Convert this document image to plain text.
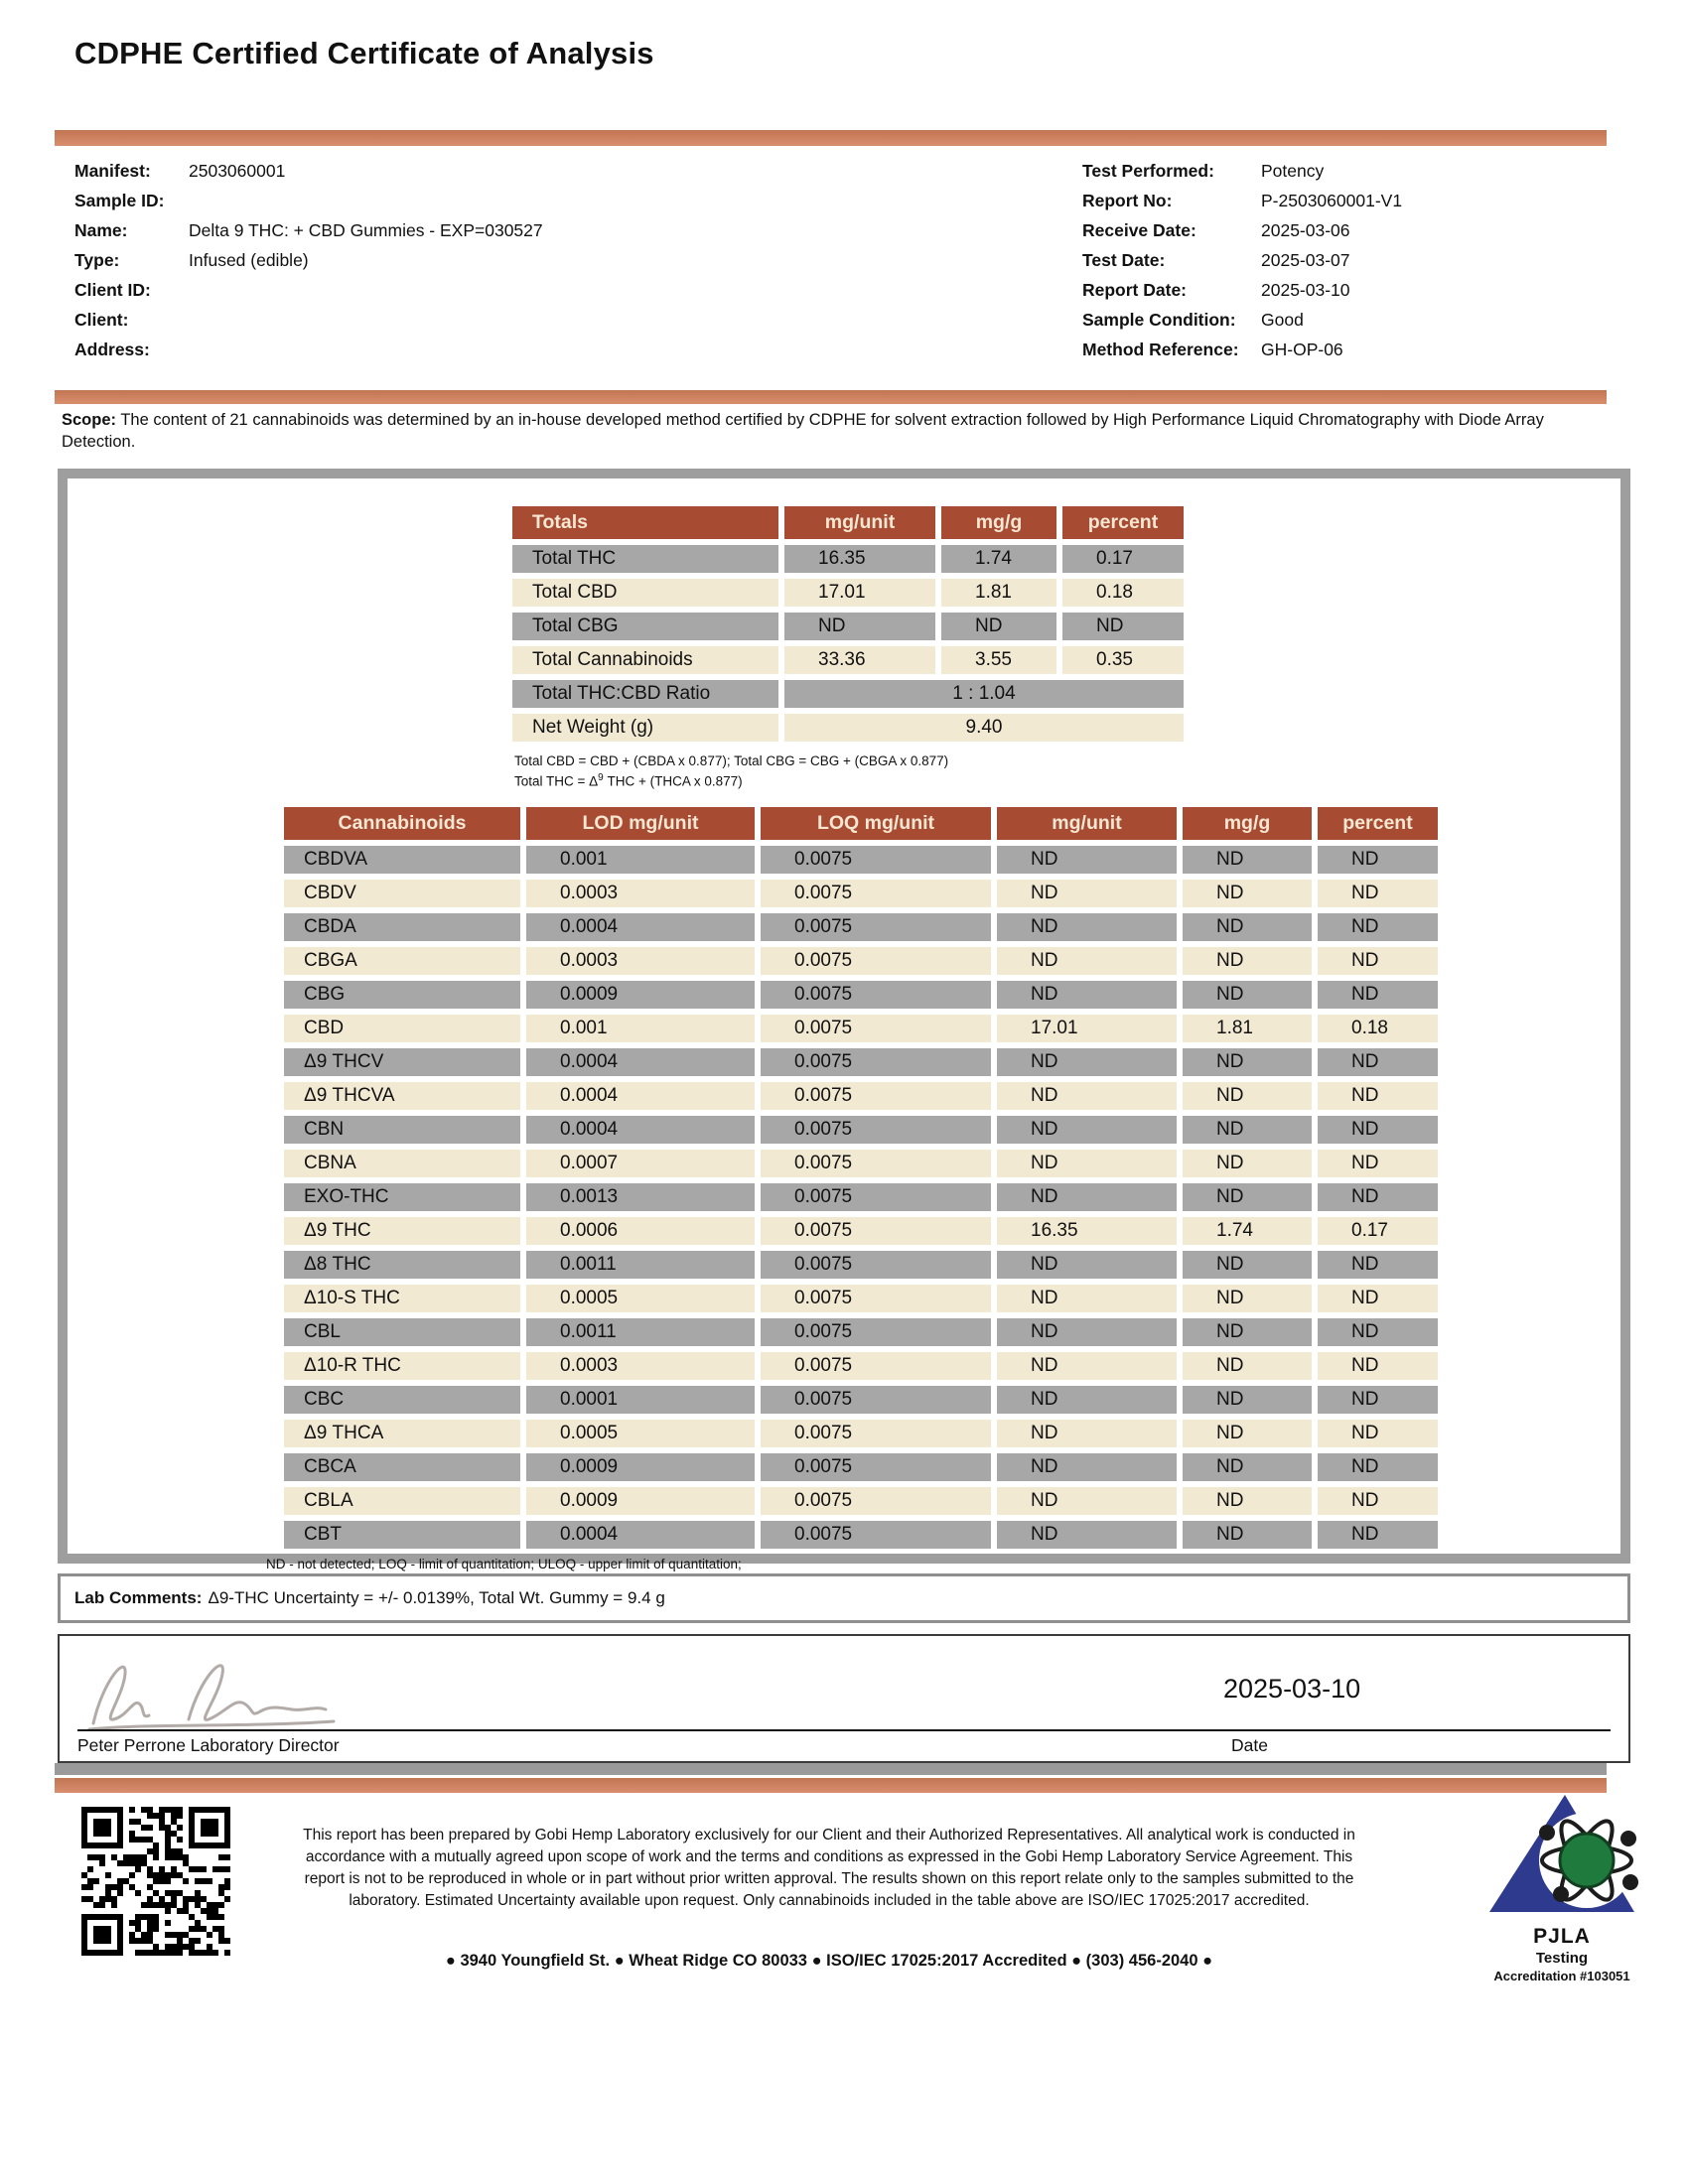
CDPHE Certified Certificate of Analysis
Manifest:	2503060001
Sample ID:
Name:	Delta 9 THC: + CBD Gummies - EXP=030527
Type:	Infused (edible)
Client ID:
Client:
Address:
Test Performed:	Potency
Report No:	P-2503060001-V1
Receive Date:	2025-03-06
Test Date:	2025-03-07
Report Date:	2025-03-10
Sample Condition:	Good
Method Reference:	GH-OP-06
Scope: The content of 21 cannabinoids was determined by an in-house developed method certified by CDPHE for solvent extraction followed by High Performance Liquid Chromatography with Diode Array Detection.
Totals	mg/unit	mg/g	percent
Total THC	16.35	1.74	0.17
Total CBD	17.01	1.81	0.18
Total CBG	ND	ND	ND
Total Cannabinoids	33.36	3.55	0.35
Total THC:CBD Ratio	1 : 1.04		
Net Weight (g)	9.40		
Total CBD = CBD + (CBDA x 0.877); Total CBG = CBG + (CBGA x 0.877)
Total THC = $\Delta^9$ THC + (THCA x 0.877)
Cannabinoids	LOD mg/unit	LOQ mg/unit	mg/unit	mg/g	percent
CBDVA	0.001	0.0075	ND	ND	ND
CBDV	0.0003	0.0075	ND	ND	ND
CBDA	0.0004	0.0075	ND	ND	ND
CBGA	0.0003	0.0075	ND	ND	ND
CBG	0.0009	0.0075	ND	ND	ND
CBD	0.001	0.0075	17.01	1.81	0.18
Δ9 THCV	0.0004	0.0075	ND	ND	ND
Δ9 THCVA	0.0004	0.0075	ND	ND	ND
CBN	0.0004	0.0075	ND	ND	ND
CBNA	0.0007	0.0075	ND	ND	ND
EXO-THC	0.0013	0.0075	ND	ND	ND
Δ9 THC	0.0006	0.0075	16.35	1.74	0.17
Δ8 THC	0.0011	0.0075	ND	ND	ND
Δ10-S THC	0.0005	0.0075	ND	ND	ND
CBL	0.0011	0.0075	ND	ND	ND
Δ10-R THC	0.0003	0.0075	ND	ND	ND
CBC	0.0001	0.0075	ND	ND	ND
Δ9 THCA	0.0005	0.0075	ND	ND	ND
CBCA	0.0009	0.0075	ND	ND	ND
CBLA	0.0009	0.0075	ND	ND	ND
CBT	0.0004	0.0075	ND	ND	ND
ND - not detected; LOQ - limit of quantitation; ULOQ - upper limit of quantitation;
Lab Comments: Δ9-THC Uncertainty = +/- 0.0139%, Total Wt. Gummy = 9.4 g
2025-03-10
Peter Perrone Laboratory Director	Date
This report has been prepared by Gobi Hemp Laboratory exclusively for our Client and their Authorized Representatives. All analytical work is conducted in accordance with a mutually agreed upon scope of work and the terms and conditions as expressed in the Gobi Hemp Laboratory Service Agreement. This report is not to be reproduced in whole or in part without prior written approval. The results shown on this report relate only to the samples submitted to the laboratory. Estimated Uncertainty available upon request. Only cannabinoids included in the table above are ISO/IEC 17025:2017 accredited.
● 3940 Youngfield St. ● Wheat Ridge CO 80033 ● ISO/IEC 17025:2017 Accredited ● (303) 456-2040 ●
PJLA
Testing
Accreditation #103051
